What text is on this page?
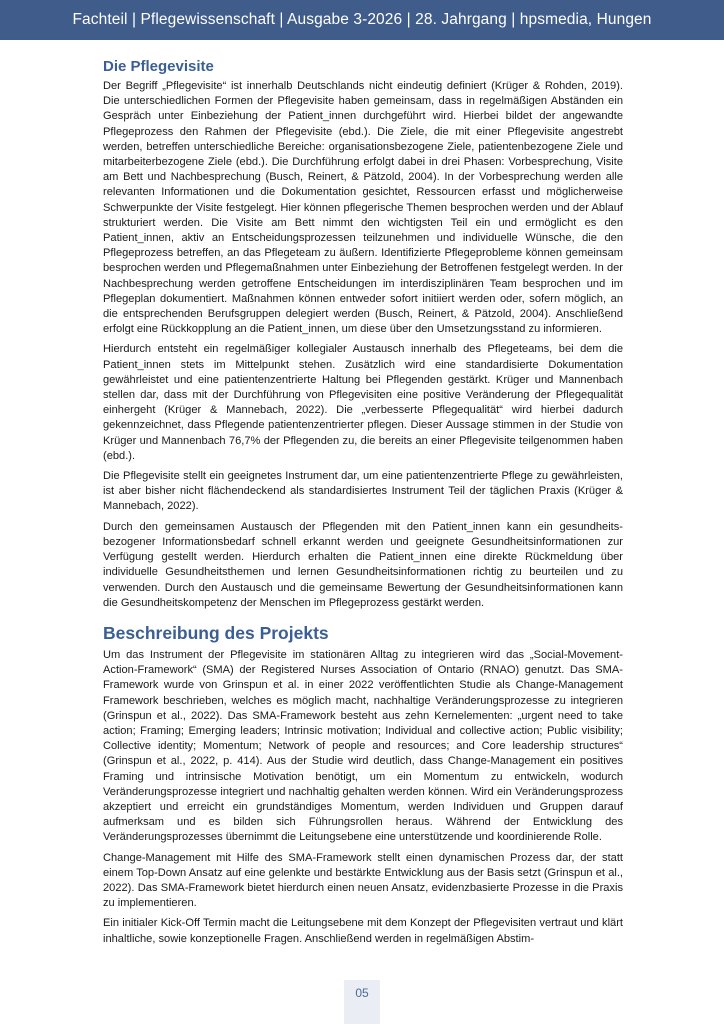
Fachteil | Pflegewissenschaft | Ausgabe 3-2026 | 28. Jahrgang | hpsmedia, Hungen
Die Pflegevisite

Der Begriff „Pflegevisite“ ist innerhalb Deutschlands nicht eindeutig definiert (Krüger & Rohden, 2019). Die unterschiedlichen Formen der Pflegevisite haben gemeinsam, dass in regelmäßigen Abständen ein Gespräch unter Einbeziehung der Patient_innen durchgeführt wird. Hierbei bildet der angewandte Pflegeprozess den Rahmen der Pflegevisite (ebd.). Die Ziele, die mit einer Pflegevisite angestrebt werden, betreffen unterschiedliche Bereiche: organisationsbezogene Ziele, patientenbezogene Ziele und mitarbeiterbezogene Ziele (ebd.). Die Durchführung erfolgt dabei in drei Phasen: Vorbesprechung, Visite am Bett und Nachbesprechung (Busch, Reinert, & Pätzold, 2004). In der Vorbesprechung werden alle relevanten Informationen und die Dokumentation gesichtet, Ressourcen erfasst und möglicherweise Schwerpunkte der Visite festgelegt. Hier können pflegerische Themen besprochen werden und der Ablauf strukturiert werden. Die Visite am Bett nimmt den wichtigsten Teil ein und ermöglicht es den Patient_innen, aktiv an Entscheidungsprozessen teilzunehmen und individuelle Wünsche, die den Pflegeprozess betreffen, an das Pflegeteam zu äußern. Identifizierte Pflegeprobleme können gemeinsam besprochen werden und Pflegemaßnahmen unter Einbeziehung der Betroffenen festgelegt werden. In der Nachbesprechung werden getroffene Entscheidungen im interdisziplinären Team besprochen und im Pflegeplan dokumentiert. Maßnahmen können entweder sofort initiiert werden oder, sofern möglich, an die entsprechenden Berufsgruppen delegiert werden (Busch, Reinert, & Pätzold, 2004). Anschließend erfolgt eine Rückkopplung an die Patient_innen, um diese über den Umsetzungsstand zu informieren.

Hierdurch entsteht ein regelmäßiger kollegialer Austausch innerhalb des Pflegeteams, bei dem die Patient_innen stets im Mittelpunkt stehen. Zusätzlich wird eine standardisierte Dokumentation gewährleistet und eine patientenzentrierte Haltung bei Pflegenden gestärkt. Krüger und Mannenbach stellen dar, dass mit der Durchführung von Pflegevisiten eine positive Veränderung der Pflegequalität einhergeht (Krüger & Mannebach, 2022). Die „verbesserte Pflegequalität“ wird hierbei dadurch gekennzeichnet, dass Pflegende patientenzentrierter pflegen. Dieser Aussage stimmen in der Studie von Krüger und Mannenbach 76,7% der Pflegenden zu, die bereits an einer Pflegevisite teilgenommen haben (ebd.).

Die Pflegevisite stellt ein geeignetes Instrument dar, um eine patientenzentrierte Pflege zu gewährleisten, ist aber bisher nicht flächendeckend als standardisiertes Instrument Teil der täglichen Praxis (Krüger & Mannebach, 2022).

Durch den gemeinsamen Austausch der Pflegenden mit den Patient_innen kann ein gesundheitsbezogener Informationsbedarf schnell erkannt werden und geeignete Gesundheitsinformationen zur Verfügung gestellt werden. Hierdurch erhalten die Patient_innen eine direkte Rückmeldung über individuelle Gesundheitsthemen und lernen Gesundheitsinformationen richtig zu beurteilen und zu verwenden. Durch den Austausch und die gemeinsame Bewertung der Gesundheitsinformationen kann die Gesundheitskompetenz der Menschen im Pflegeprozess gestärkt werden.

Beschreibung des Projekts

Um das Instrument der Pflegevisite im stationären Alltag zu integrieren wird das „Social-Movement-Action-Framework“ (SMA) der Registered Nurses Association of Ontario (RNAO) genutzt. Das SMA-Framework wurde von Grinspun et al. in einer 2022 veröffentlichten Studie als Change-Management Framework beschrieben, welches es möglich macht, nachhaltige Veränderungsprozesse zu integrieren (Grinspun et al., 2022). Das SMA-Framework besteht aus zehn Kernelementen: „urgent need to take action; Framing; Emerging leaders; Intrinsic motivation; Individual and collective action; Public visibility; Collective identity; Momentum; Network of people and resources; and Core leadership structures“ (Grinspun et al., 2022, p. 414). Aus der Studie wird deutlich, dass Change-Management ein positives Framing und intrinsische Motivation benötigt, um ein Momentum zu entwickeln, wodurch Veränderungsprozesse integriert und nachhaltig gehalten werden können. Wird ein Veränderungsprozess akzeptiert und erreicht ein grundständiges Momentum, werden Individuen und Gruppen darauf aufmerksam und es bilden sich Führungsrollen heraus. Während der Entwicklung des Veränderungsprozesses übernimmt die Leitungsebene eine unterstützende und koordinierende Rolle.

Change-Management mit Hilfe des SMA-Framework stellt einen dynamischen Prozess dar, der statt einem Top-Down Ansatz auf eine gelenkte und bestärkte Entwicklung aus der Basis setzt (Grinspun et al., 2022). Das SMA-Framework bietet hierdurch einen neuen Ansatz, evidenzbasierte Prozesse in die Praxis zu implementieren.

Ein initialer Kick-Off Termin macht die Leitungsebene mit dem Konzept der Pflegevisiten vertraut und klärt inhaltliche, sowie konzeptionelle Fragen. Anschließend werden in regelmäßigen Abstim-

05
